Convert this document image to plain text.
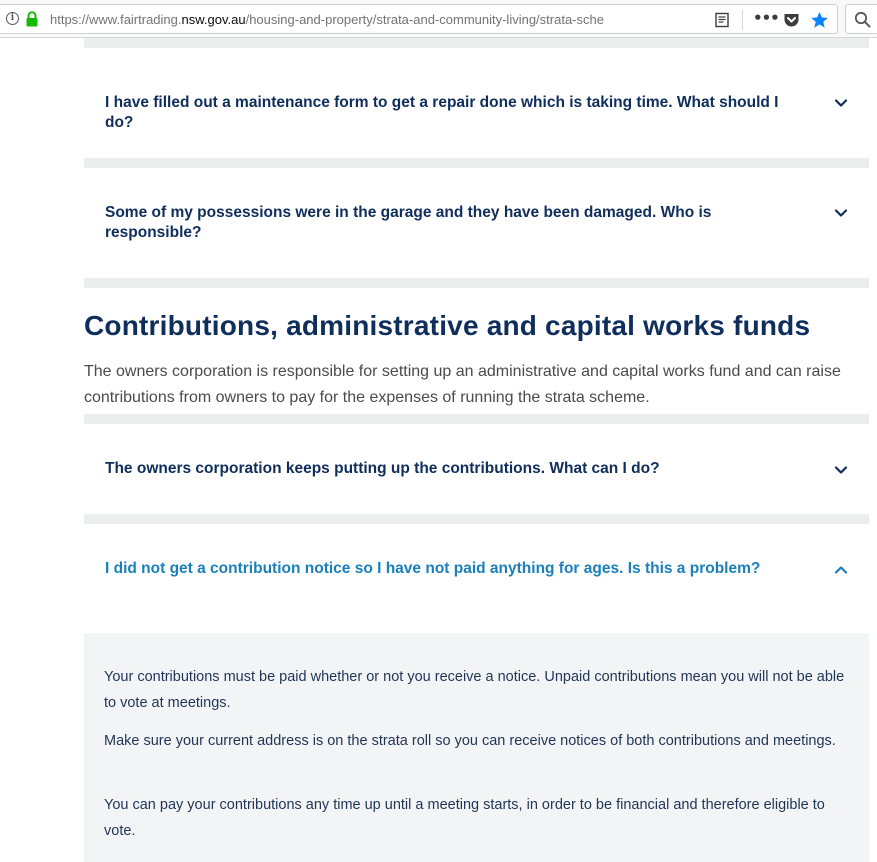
i	https://www.fairtrading.nsw.gov.au/housing-and-property/strata-and-community-living/strata-sche	•••
I have filled out a maintenance form to get a repair done which is taking time. What should I do?
Some of my possessions were in the garage and they have been damaged. Who is responsible?
Contributions, administrative and capital works funds

The owners corporation is responsible for setting up an administrative and capital works fund and can raise contributions from owners to pay for the expenses of running the strata scheme.

The owners corporation keeps putting up the contributions. What can I do?
I did not get a contribution notice so I have not paid anything for ages. Is this a problem?

Your contributions must be paid whether or not you receive a notice. Unpaid contributions mean you will not be able to vote at meetings.

Make sure your current address is on the strata roll so you can receive notices of both contributions and meetings.

You can pay your contributions any time up until a meeting starts, in order to be financial and therefore eligible to vote.
